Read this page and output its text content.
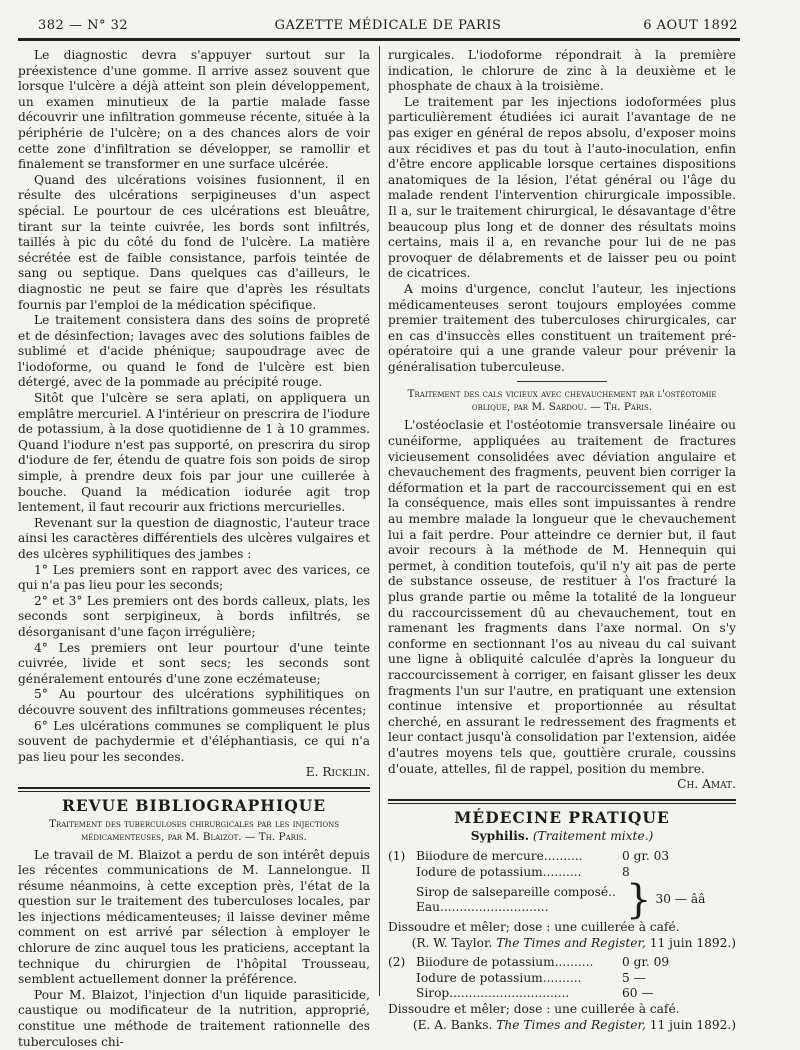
382 — N° 32	GAZETTE MÉDICALE DE PARIS	6 AOUT 1892

Le diagnostic devra s'appuyer surtout sur la préexistence d'une gomme. Il arrive assez souvent que lorsque l'ulcère a déjà atteint son plein développement, un examen minutieux de la partie malade fasse découvrir une infiltration gommeuse récente, située à la périphérie de l'ulcère; on a des chances alors de voir cette zone d'infiltration se développer, se ramollir et finalement se transformer en une surface ulcérée.

Quand des ulcérations voisines fusionnent, il en résulte des ulcérations serpigineuses d'un aspect spécial. Le pourtour de ces ulcérations est bleuâtre, tirant sur la teinte cuivrée, les bords sont infiltrés, taillés à pic du côté du fond de l'ulcère. La matière sécrétée est de faible consistance, parfois teintée de sang ou septique. Dans quelques cas d'ailleurs, le diagnostic ne peut se faire que d'après les résultats fournis par l'emploi de la médication spécifique.

Le traitement consistera dans des soins de propreté et de désinfection; lavages avec des solutions faibles de sublimé et d'acide phénique; saupoudrage avec de l'iodoforme, ou quand le fond de l'ulcère est bien détergé, avec de la pommade au précipité rouge.

Sitôt que l'ulcère se sera aplati, on appliquera un emplâtre mercuriel. A l'intérieur on prescrira de l'iodure de potassium, à la dose quotidienne de 1 à 10 grammes. Quand l'iodure n'est pas supporté, on prescrira du sirop d'iodure de fer, étendu de quatre fois son poids de sirop simple, à prendre deux fois par jour une cuillerée à bouche. Quand la médication iodurée agit trop lentement, il faut recourir aux frictions mercurielles.

Revenant sur la question de diagnostic, l'auteur trace ainsi les caractères différentiels des ulcères vulgaires et des ulcères syphilitiques des jambes :

1° Les premiers sont en rapport avec des varices, ce qui n'a pas lieu pour les seconds;

2° et 3° Les premiers ont des bords calleux, plats, les seconds sont serpigineux, à bords infiltrés, se désorganisant d'une façon irrégulière;

4° Les premiers ont leur pourtour d'une teinte cuivrée, livide et sont secs; les seconds sont généralement entourés d'une zone eczémateuse;

5° Au pourtour des ulcérations syphilitiques on découvre souvent des infiltrations gommeuses récentes;

6° Les ulcérations communes se compliquent le plus souvent de pachydermie et d'éléphantiasis, ce qui n'a pas lieu pour les secondes.

E. Ricklin.

REVUE BIBLIOGRAPHIQUE
Traitement des tuberculoses chirurgicales par les injections médicamenteuses, par M. Blaizot. — Th. Paris.

Le travail de M. Blaizot a perdu de son intérêt depuis les récentes communications de M. Lannelongue. Il résume néanmoins, à cette exception près, l'état de la question sur le traitement des tuberculoses locales, par les injections médicamenteuses; il laisse deviner même comment on est arrivé par sélection à employer le chlorure de zinc auquel tous les praticiens, acceptant la technique du chirurgien de l'hôpital Trousseau, semblent actuellement donner la préférence.

Pour M. Blaizot, l'injection d'un liquide parasiticide, caustique ou modificateur de la nutrition, approprié, constitue une méthode de traitement rationnelle des tuberculoses chi-

rurgicales. L'iodoforme répondrait à la première indication, le chlorure de zinc à la deuxième et le phosphate de chaux à la troisième.

Le traitement par les injections iodoformées plus particulièrement étudiées ici aurait l'avantage de ne pas exiger en général de repos absolu, d'exposer moins aux récidives et pas du tout à l'auto-inoculation, enfin d'être encore applicable lorsque certaines dispositions anatomiques de la lésion, l'état général ou l'âge du malade rendent l'intervention chirurgicale impossible. Il a, sur le traitement chirurgical, le désavantage d'être beaucoup plus long et de donner des résultats moins certains, mais il a, en revanche pour lui de ne pas provoquer de délabrements et de laisser peu ou point de cicatrices.

A moins d'urgence, conclut l'auteur, les injections médicamenteuses seront toujours employées comme premier traitement des tuberculoses chirurgicales, car en cas d'insuccès elles constituent un traitement pré-opératoire qui a une grande valeur pour prévenir la généralisation tuberculeuse.

Traitement des cals vicieux avec chevauchement par l'ostéotomie oblique, par M. Sardou. — Th. Paris.

L'ostéoclasie et l'ostéotomie transversale linéaire ou cunéiforme, appliquées au traitement de fractures vicieusement consolidées avec déviation angulaire et chevauchement des fragments, peuvent bien corriger la déformation et la part de raccourcissement qui en est la conséquence, mais elles sont impuissantes à rendre au membre malade la longueur que le chevauchement lui a fait perdre. Pour atteindre ce dernier but, il faut avoir recours à la méthode de M. Hennequin qui permet, à condition toutefois, qu'il n'y ait pas de perte de substance osseuse, de restituer à l'os fracturé la plus grande partie ou même la totalité de la longueur du raccourcissement dû au chevauchement, tout en ramenant les fragments dans l'axe normal. On s'y conforme en sectionnant l'os au niveau du cal suivant une ligne à obliquité calculée d'après la longueur du raccourcissement à corriger, en faisant glisser les deux fragments l'un sur l'autre, en pratiquant une extension continue intensive et proportionnée au résultat cherché, en assurant le redressement des fragments et leur contact jusqu'à consolidation par l'extension, aidée d'autres moyens tels que, gouttière crurale, coussins d'ouate, attelles, fil de rappel, position du membre.

Ch. Amat.

MÉDECINE PRATIQUE
Syphilis. (Traitement mixte.)
(1) Biiodure de mercure..........	0 gr. 03
Iodure de potassium..........	8
Sirop de salsepareille composé..
Eau............................	} 30 — ââ
Dissoudre et mêler; dose : une cuillerée à café.
(R. W. Taylor. The Times and Register, 11 juin 1892.)
(2) Biiodure de potassium..........	0 gr. 09
Iodure de potassium..........	5 —
Sirop...............................	60 —
Dissoudre et mêler; dose : une cuillerée à café.
(E. A. Banks. The Times and Register, 11 juin 1892.)
